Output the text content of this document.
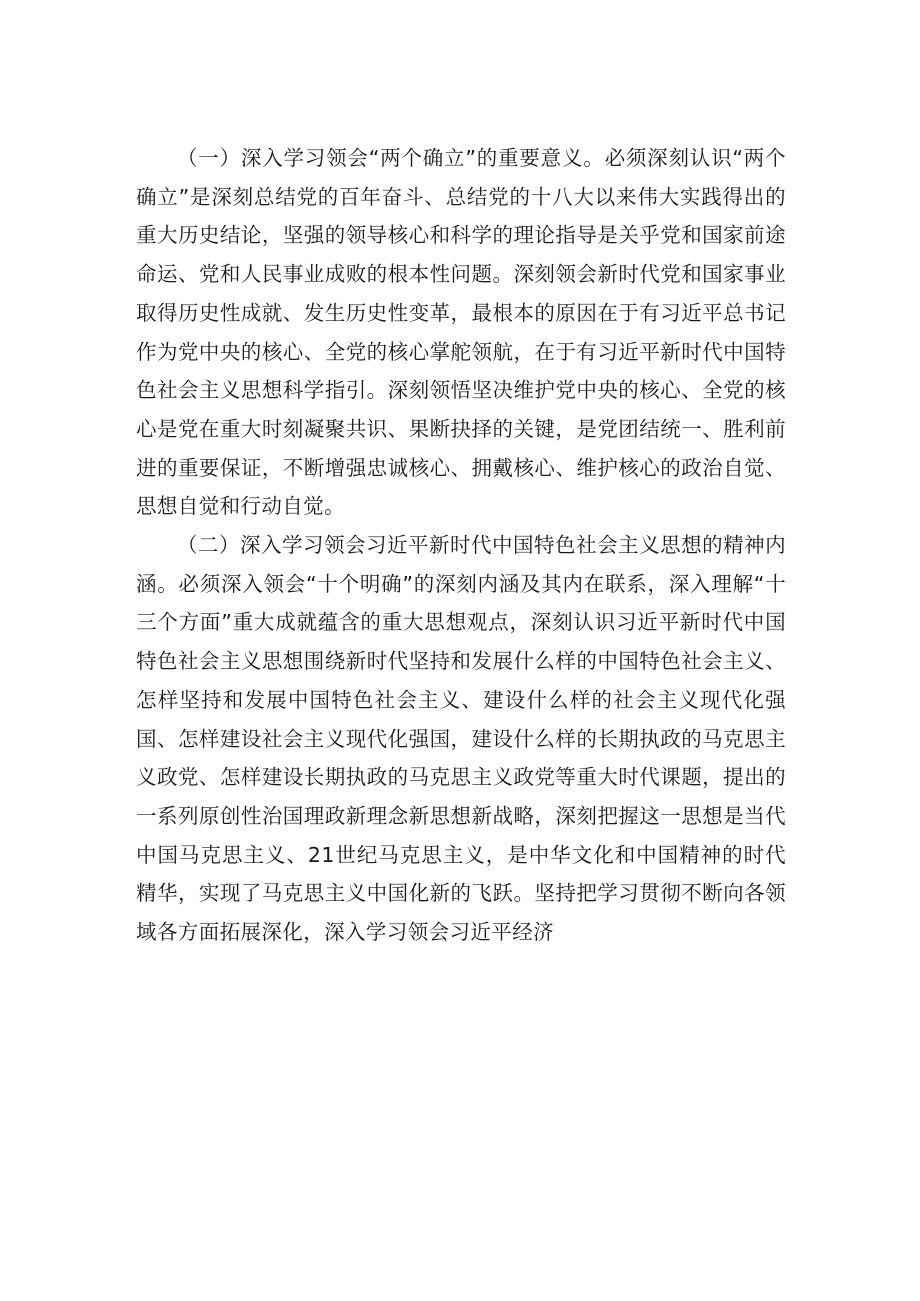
（一）深入学习领会“两个确立”的重要意义。必须深刻认识“两个确立”是深刻总结党的百年奋斗、总结党的十八大以来伟大实践得出的重大历史结论，坚强的领导核心和科学的理论指导是关乎党和国家前途命运、党和人民事业成败的根本性问题。深刻领会新时代党和国家事业取得历史性成就、发生历史性变革，最根本的原因在于有习近平总书记作为党中央的核心、全党的核心掌舵领航，在于有习近平新时代中国特色社会主义思想科学指引。深刻领悟坚决维护党中央的核心、全党的核心是党在重大时刻凝聚共识、果断抉择的关键，是党团结统一、胜利前进的重要保证，不断增强忠诚核心、拥戴核心、维护核心的政治自觉、思想自觉和行动自觉。

（二）深入学习领会习近平新时代中国特色社会主义思想的精神内涵。必须深入领会“十个明确”的深刻内涵及其内在联系，深入理解“十三个方面”重大成就蕴含的重大思想观点，深刻认识习近平新时代中国特色社会主义思想围绕新时代坚持和发展什么样的中国特色社会主义、怎样坚持和发展中国特色社会主义、建设什么样的社会主义现代化强国、怎样建设社会主义现代化强国，建设什么样的长期执政的马克思主义政党、怎样建设长期执政的马克思主义政党等重大时代课题，提出的一系列原创性治国理政新理念新思想新战略，深刻把握这一思想是当代中国马克思主义、21世纪马克思主义，是中华文化和中国精神的时代精华，实现了马克思主义中国化新的飞跃。坚持把学习贯彻不断向各领域各方面拓展深化，深入学习领会习近平经济
